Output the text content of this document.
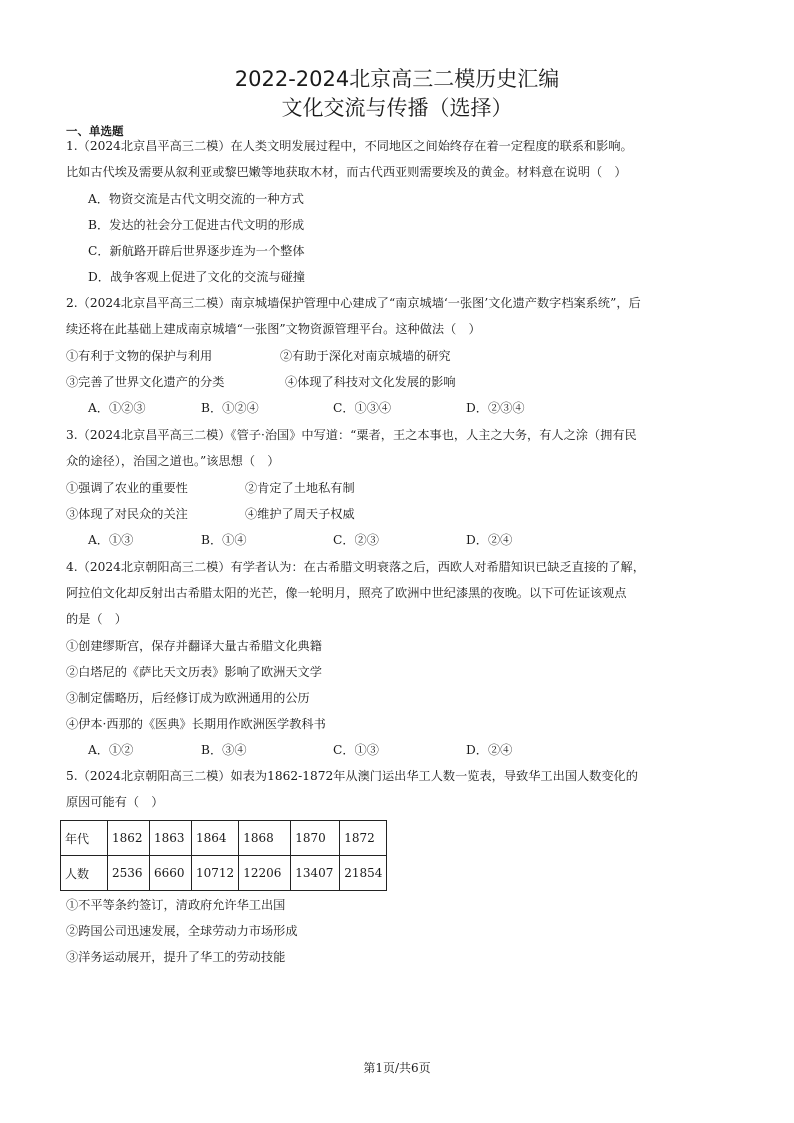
2022-2024北京高三二模历史汇编
文化交流与传播（选择）
一、单选题
1.（2024北京昌平高三二模）在人类文明发展过程中，不同地区之间始终存在着一定程度的联系和影响。
比如古代埃及需要从叙利亚或黎巴嫩等地获取木材，而古代西亚则需要埃及的黄金。材料意在说明（　）
A．物资交流是古代文明交流的一种方式
B．发达的社会分工促进古代文明的形成
C．新航路开辟后世界逐步连为一个整体
D．战争客观上促进了文化的交流与碰撞
2.（2024北京昌平高三二模）南京城墙保护管理中心建成了“南京城墙‘一张图’文化遗产数字档案系统”，后
续还将在此基础上建成南京城墙“一张图”文物资源管理平台。这种做法（　）
①有利于文物的保护与利用	②有助于深化对南京城墙的研究
③完善了世界文化遗产的分类	④体现了科技对文化发展的影响
A．①②③	B．①②④	C．①③④	D．②③④
3.（2024北京昌平高三二模）《管子·治国》中写道：“粟者，王之本事也，人主之大务，有人之涂（拥有民
众的途径），治国之道也。”该思想（　）
①强调了农业的重要性	②肯定了土地私有制
③体现了对民众的关注	④维护了周天子权威
A．①③	B．①④	C．②③	D．②④
4.（2024北京朝阳高三二模）有学者认为：在古希腊文明衰落之后，西欧人对希腊知识已缺乏直接的了解，
阿拉伯文化却反射出古希腊太阳的光芒，像一轮明月，照亮了欧洲中世纪漆黑的夜晚。以下可佐证该观点
的是（　）
①创建缪斯宫，保存并翻译大量古希腊文化典籍
②白塔尼的《萨比天文历表》影响了欧洲天文学
③制定儒略历，后经修订成为欧洲通用的公历
④伊本·西那的《医典》长期用作欧洲医学教科书
A．①②	B．③④	C．①③	D．②④
5.（2024北京朝阳高三二模）如表为1862-1872年从澳门运出华工人数一览表，导致华工出国人数变化的
原因可能有（　）
年代	1862	1863	1864	1868	1870	1872
人数	2536	6660	10712	12206	13407	21854
①不平等条约签订，清政府允许华工出国
②跨国公司迅速发展，全球劳动力市场形成
③洋务运动展开，提升了华工的劳动技能
第1页/共6页
